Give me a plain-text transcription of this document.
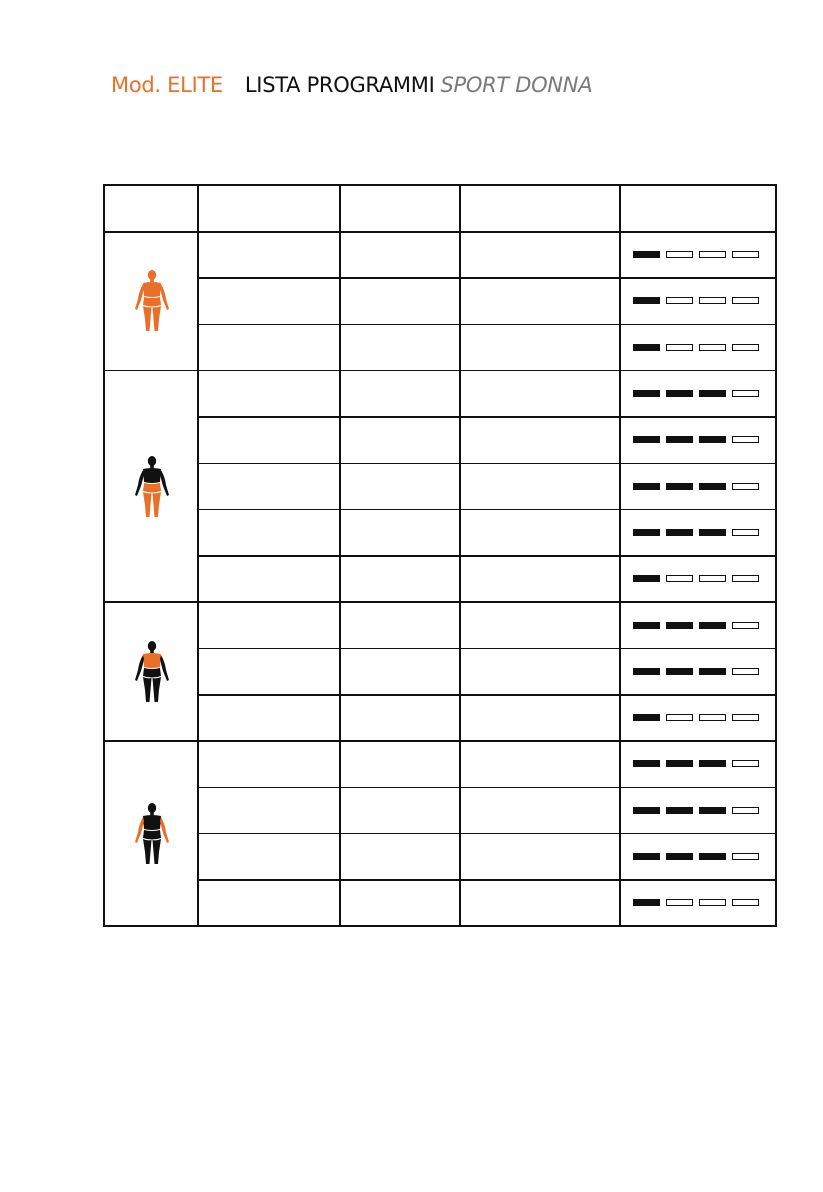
Mod. ELITE LISTA PROGRAMMI SPORT DONNA
